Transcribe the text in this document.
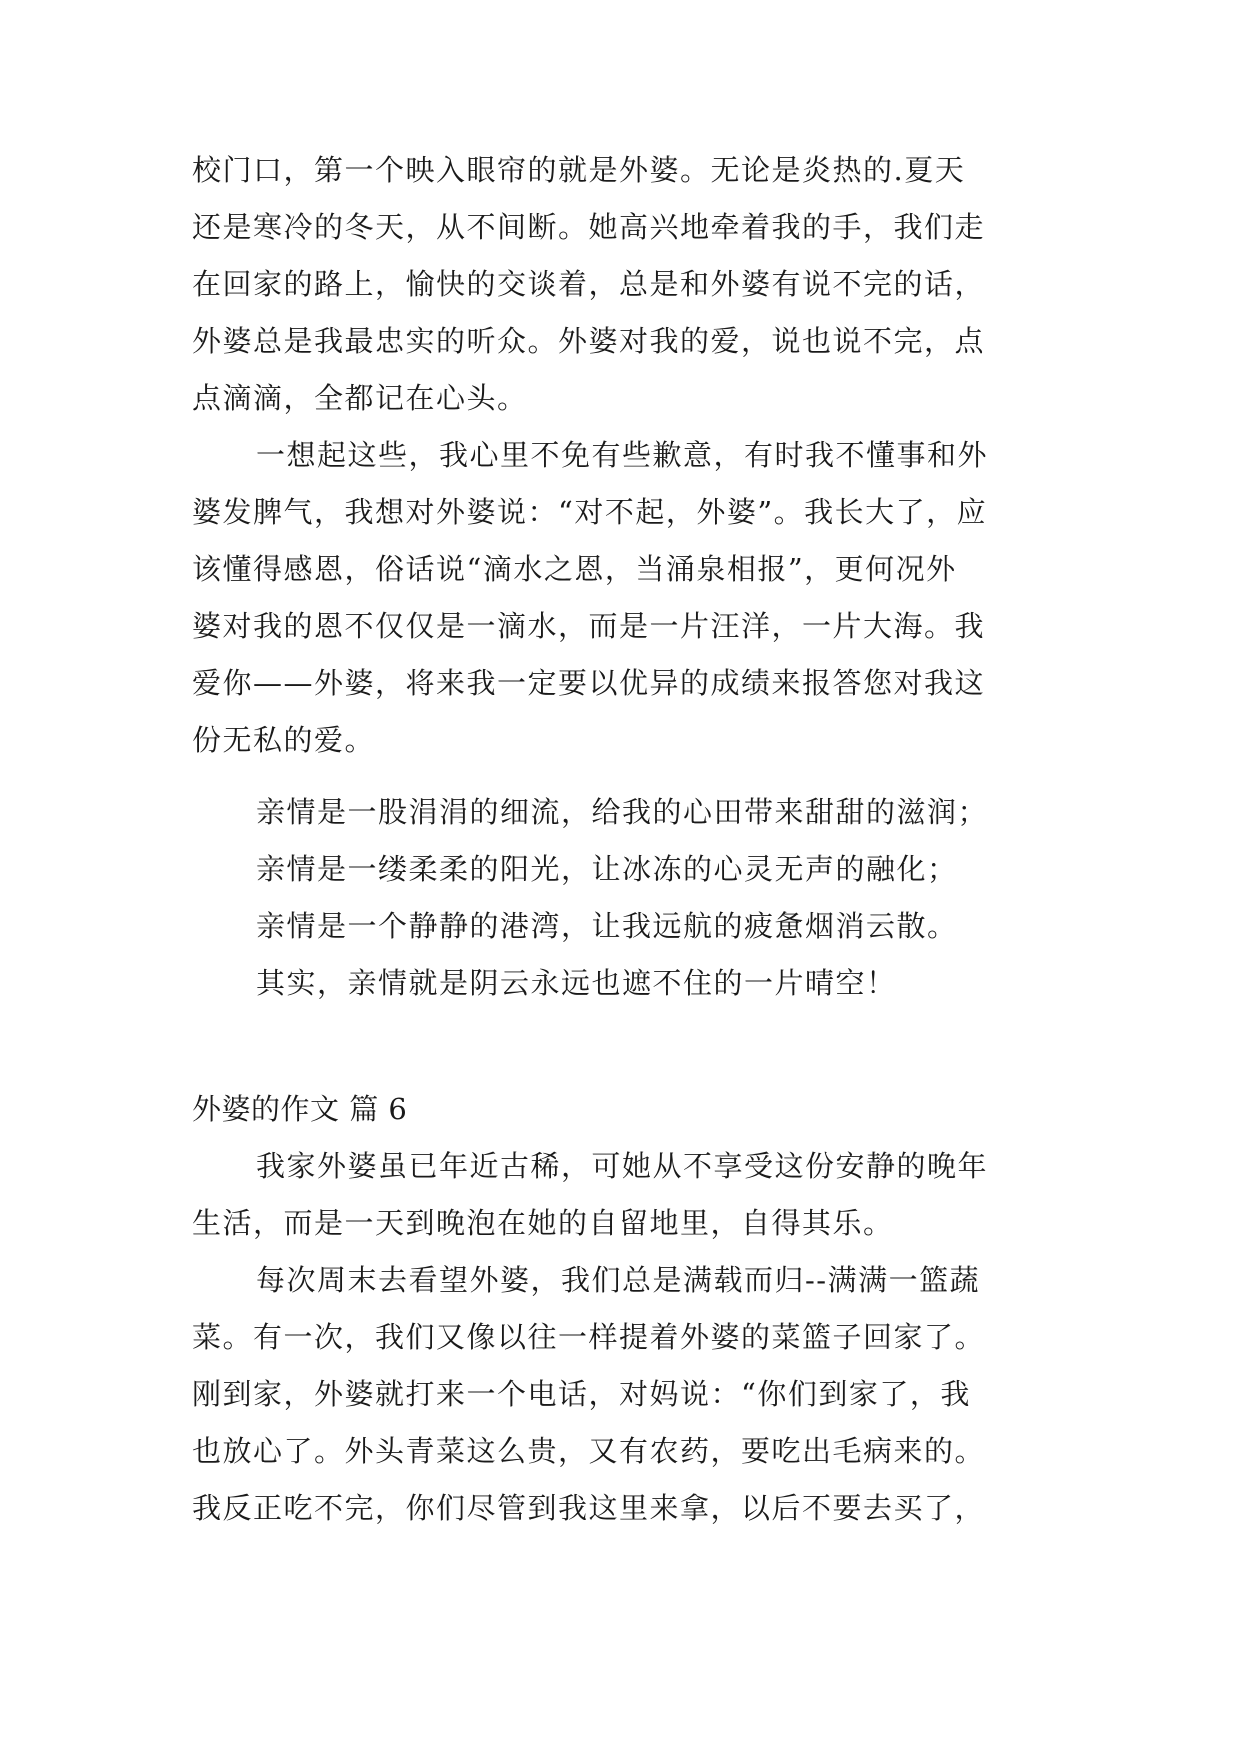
校门口，第一个映入眼帘的就是外婆。无论是炎热的.夏天
还是寒冷的冬天，从不间断。她高兴地牵着我的手，我们走
在回家的路上，愉快的交谈着，总是和外婆有说不完的话，
外婆总是我最忠实的听众。外婆对我的爱，说也说不完，点
点滴滴，全都记在心头。
一想起这些，我心里不免有些歉意，有时我不懂事和外
婆发脾气，我想对外婆说：“对不起，外婆”。我长大了，应
该懂得感恩，俗话说“滴水之恩，当涌泉相报”，更何况外
婆对我的恩不仅仅是一滴水，而是一片汪洋，一片大海。我
爱你——外婆，将来我一定要以优异的成绩来报答您对我这
份无私的爱。
亲情是一股涓涓的细流，给我的心田带来甜甜的滋润；
亲情是一缕柔柔的阳光，让冰冻的心灵无声的融化；
亲情是一个静静的港湾，让我远航的疲惫烟消云散。
其实，亲情就是阴云永远也遮不住的一片晴空！
外婆的作文 篇 6
我家外婆虽已年近古稀，可她从不享受这份安静的晚年
生活，而是一天到晚泡在她的自留地里，自得其乐。
每次周末去看望外婆，我们总是满载而归--满满一篮蔬
菜。有一次，我们又像以往一样提着外婆的菜篮子回家了。
刚到家，外婆就打来一个电话，对妈说：“你们到家了，我
也放心了。外头青菜这么贵，又有农药，要吃出毛病来的。
我反正吃不完，你们尽管到我这里来拿，以后不要去买了，
